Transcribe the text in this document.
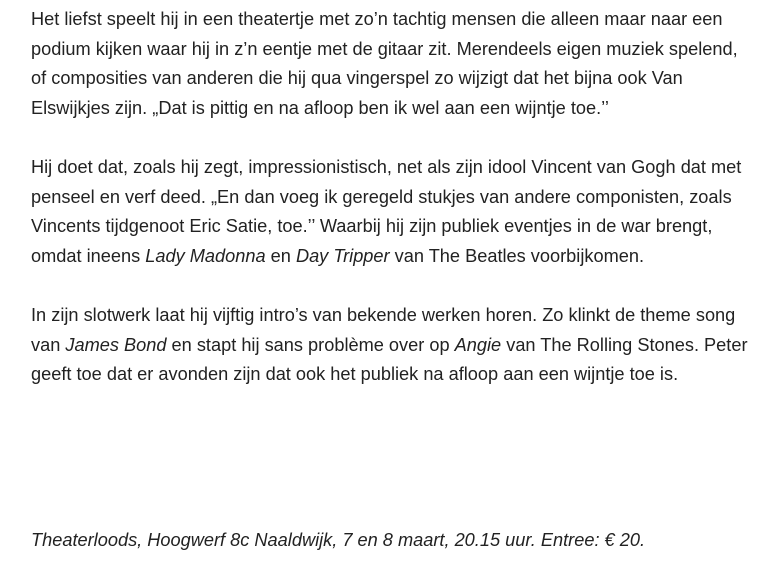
Het liefst speelt hij in een theatertje met zo’n tachtig mensen die alleen maar naar een podium kijken waar hij in z’n eentje met de gitaar zit. Merendeels eigen muziek spelend, of composities van anderen die hij qua vingerspel zo wijzigt dat het bijna ook Van Elswijkjes zijn. „Dat is pittig en na afloop ben ik wel aan een wijntje toe.’’

Hij doet dat, zoals hij zegt, impressionistisch, net als zijn idool Vincent van Gogh dat met penseel en verf deed. „En dan voeg ik geregeld stukjes van andere componisten, zoals Vincents tijdgenoot Eric Satie, toe.’’ Waarbij hij zijn publiek eventjes in de war brengt, omdat ineens Lady Madonna en Day Tripper van The Beatles voorbijkomen.

In zijn slotwerk laat hij vijftig intro’s van bekende werken horen. Zo klinkt de theme song van James Bond en stapt hij sans problème over op Angie van The Rolling Stones. Peter geeft toe dat er avonden zijn dat ook het publiek na afloop aan een wijntje toe is.

Theaterloods, Hoogwerf 8c Naaldwijk, 7 en 8 maart, 20.15 uur. Entree: € 20.
